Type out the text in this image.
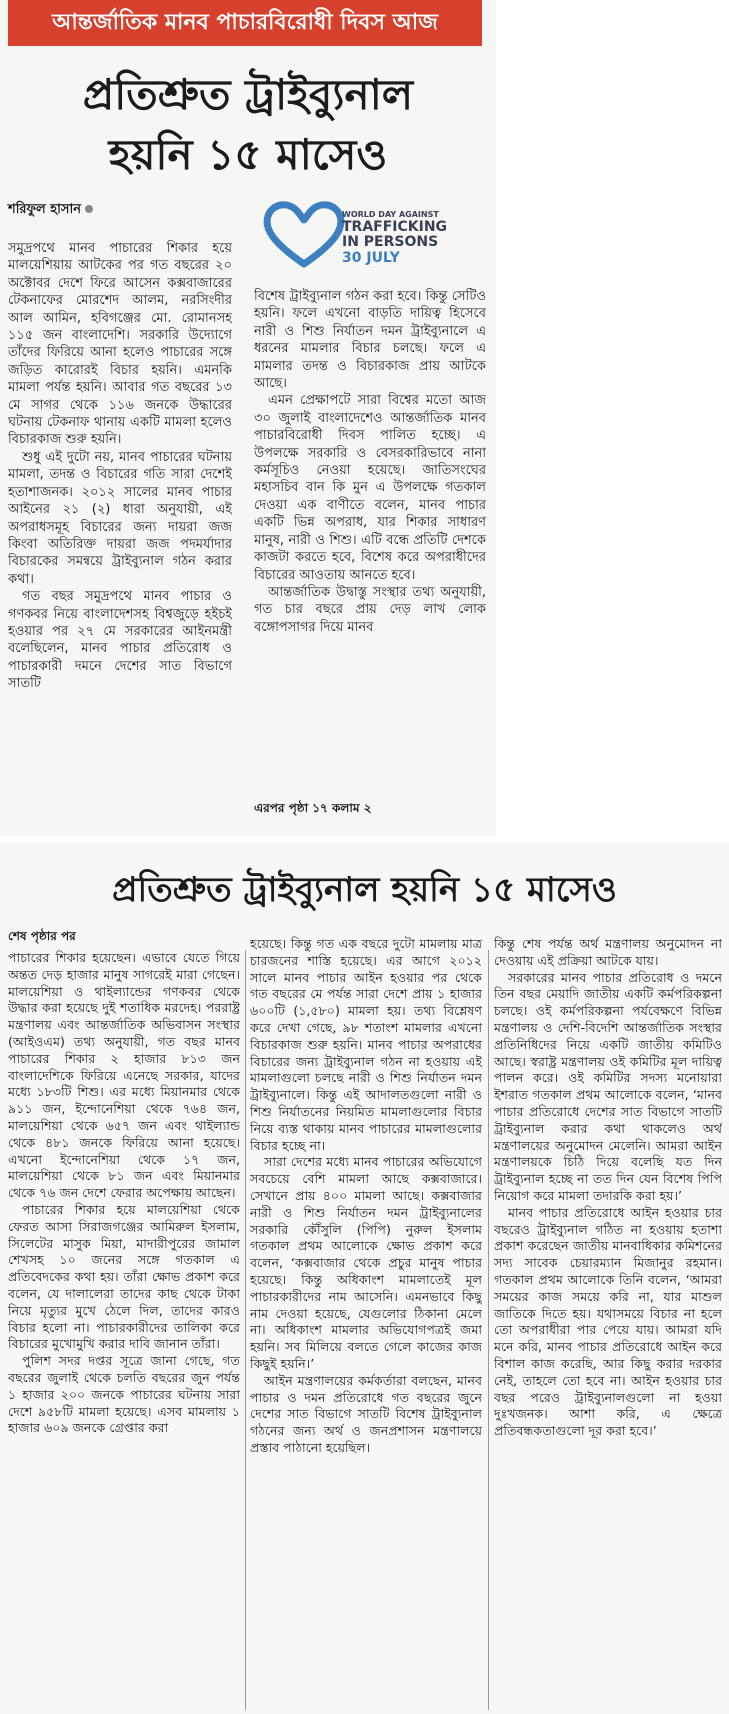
আন্তর্জাতিক মানব পাচারবিরোধী দিবস আজ
প্রতিশ্রুত ট্রাইব্যুনাল
হয়নি ১৫ মাসেও
শরিফুল হাসান	WORLD DAY AGAINST
TRAFFICKING
IN PERSONS
30 JULY

সমুদ্রপথে মানব পাচারের শিকার হয়ে মালয়েশিয়ায় আটকের পর গত বছরের ২০ অক্টোবর দেশে ফিরে আসেন কক্সবাজারের টেকনাফের মোরশেদ আলম, নরসিংদীর আল আমিন, হবিগঞ্জের মো. রোমানসহ ১১৫ জন বাংলাদেশি। সরকারি উদ্যোগে তাঁদের ফিরিয়ে আনা হলেও পাচারের সঙ্গে জড়িত কারোরই বিচার হয়নি। এমনকি মামলা পর্যন্ত হয়নি। আবার গত বছরের ১৩ মে সাগর থেকে ১১৬ জনকে উদ্ধারের ঘটনায় টেকনাফ থানায় একটি মামলা হলেও বিচারকাজ শুরু হয়নি।

শুধু এই দুটো নয়, মানব পাচারের ঘটনায় মামলা, তদন্ত ও বিচারের গতি সারা দেশেই হতাশাজনক। ২০১২ সালের মানব পাচার আইনের ২১ (২) ধারা অনুযায়ী, এই অপরাধসমূহ বিচারের জন্য দায়রা জজ কিংবা অতিরিক্ত দায়রা জজ পদমর্যাদার বিচারকের সমন্বয়ে ট্রাইব্যুনাল গঠন করার কথা।

গত বছর সমুদ্রপথে মানব পাচার ও গণকবর নিয়ে বাংলাদেশসহ বিশ্বজুড়ে হইচই হওয়ার পর ২৭ মে সরকারের আইনমন্ত্রী বলেছিলেন, মানব পাচার প্রতিরোধ ও পাচারকারী দমনে দেশের সাত বিভাগে সাতটি

বিশেষ ট্রাইব্যুনাল গঠন করা হবে। কিন্তু সেটিও হয়নি। ফলে এখনো বাড়তি দায়িত্ব হিসেবে নারী ও শিশু নির্যাতন দমন ট্রাইব্যুনালে এ ধরনের মামলার বিচার চলছে। ফলে এ মামলার তদন্ত ও বিচারকাজ প্রায় আটকে আছে।

এমন প্রেক্ষাপটে সারা বিশ্বের মতো আজ ৩০ জুলাই বাংলাদেশেও আন্তর্জাতিক মানব পাচারবিরোধী দিবস পালিত হচ্ছে। এ উপলক্ষে সরকারি ও বেসরকারিভাবে নানা কর্মসূচিও নেওয়া হয়েছে। জাতিসংঘের মহাসচিব বান কি মুন এ উপলক্ষে গতকাল দেওয়া এক বাণীতে বলেন, মানব পাচার একটি ভিন্ন অপরাধ, যার শিকার সাধারণ মানুষ, নারী ও শিশু। এটি বন্ধে প্রতিটি দেশকে কাজটা করতে হবে, বিশেষ করে অপরাধীদের বিচারের আওতায় আনতে হবে।

আন্তর্জাতিক উদ্বাস্তু সংস্থার তথ্য অনুযায়ী, গত চার বছরে প্রায় দেড় লাখ লোক বঙ্গোপসাগর দিয়ে মানব

এরপর পৃষ্ঠা ১৭ কলাম ২
প্রতিশ্রুত ট্রাইব্যুনাল হয়নি ১৫ মাসেও
শেষ পৃষ্ঠার পর

পাচারের শিকার হয়েছেন। এভাবে যেতে গিয়ে অন্তত দেড় হাজার মানুষ সাগরেই মারা গেছেন। মালয়েশিয়া ও থাইল্যান্ডের গণকবর থেকে উদ্ধার করা হয়েছে দুই শতাধিক মরদেহ। পররাষ্ট্র মন্ত্রণালয় এবং আন্তর্জাতিক অভিবাসন সংস্থার (আইওএম) তথ্য অনুযায়ী, গত বছর মানব পাচারের শিকার ২ হাজার ৮১৩ জন বাংলাদেশিকে ফিরিয়ে এনেছে সরকার, যাদের মধ্যে ১৮৩টি শিশু। এর মধ্যে মিয়ানমার থেকে ৯১১ জন, ইন্দোনেশিয়া থেকে ৭৬৪ জন, মালয়েশিয়া থেকে ৬৫৭ জন এবং থাইল্যান্ড থেকে ৪৮১ জনকে ফিরিয়ে আনা হয়েছে। এখনো ইন্দোনেশিয়া থেকে ১৭ জন, মালয়েশিয়া থেকে ৮১ জন এবং মিয়ানমার থেকে ৭৬ জন দেশে ফেরার অপেক্ষায় আছেন।

পাচারের শিকার হয়ে মালয়েশিয়া থেকে ফেরত আসা সিরাজগঞ্জের আমিরুল ইসলাম, সিলেটের মাসুক মিয়া, মাদারীপুরের জামাল শেখসহ ১০ জনের সঙ্গে গতকাল এ প্রতিবেদকের কথা হয়। তাঁরা ক্ষোভ প্রকাশ করে বলেন, যে দালালেরা তাদের কাছ থেকে টাকা নিয়ে মৃত্যুর মুখে ঠেলে দিল, তাদের কারও বিচার হলো না। পাচারকারীদের তালিকা করে বিচারের মুখোমুখি করার দাবি জানান তাঁরা।

পুলিশ সদর দপ্তর সূত্রে জানা গেছে, গত বছরের জুলাই থেকে চলতি বছরের জুন পর্যন্ত ১ হাজার ২০০ জনকে পাচারের ঘটনায় সারা দেশে ৯৫৮টি মামলা হয়েছে। এসব মামলায় ১ হাজার ৬০৯ জনকে গ্রেপ্তার করা

হয়েছে। কিন্তু গত এক বছরে দুটো মামলায় মাত্র চারজনের শাস্তি হয়েছে। এর আগে ২০১২ সালে মানব পাচার আইন হওয়ার পর থেকে গত বছরের মে পর্যন্ত সারা দেশে প্রায় ১ হাজার ৬০০টি (১,৫৮০) মামলা হয়। তথ্য বিশ্লেষণ করে দেখা গেছে, ৯৮ শতাংশ মামলার এখনো বিচারকাজ শুরু হয়নি। মানব পাচার অপরাধের বিচারের জন্য ট্রাইব্যুনাল গঠন না হওয়ায় এই মামলাগুলো চলছে নারী ও শিশু নির্যাতন দমন ট্রাইব্যুনালে। কিন্তু এই আদালতগুলো নারী ও শিশু নির্যাতনের নিয়মিত মামলাগুলোর বিচার নিয়ে ব্যস্ত থাকায় মানব পাচারের মামলাগুলোর বিচার হচ্ছে না।

সারা দেশের মধ্যে মানব পাচারের অভিযোগে সবচেয়ে বেশি মামলা আছে কক্সবাজারে। সেখানে প্রায় ৪০০ মামলা আছে। কক্সবাজার নারী ও শিশু নির্যাতন দমন ট্রাইব্যুনালের সরকারি কৌঁসুলি (পিপি) নুরুল ইসলাম গতকাল প্রথম আলোকে ক্ষোভ প্রকাশ করে বলেন, ‘কক্সবাজার থেকে প্রচুর মানুষ পাচার হয়েছে। কিন্তু অধিকাংশ মামলাতেই মূল পাচারকারীদের নাম আসেনি। এমনভাবে কিছু নাম দেওয়া হয়েছে, যেগুলোর ঠিকানা মেলে না। অধিকাংশ মামলার অভিযোগপত্রই জমা হয়নি। সব মিলিয়ে বলতে গেলে কাজের কাজ কিছুই হয়নি।’

আইন মন্ত্রণালয়ের কর্মকর্তারা বলছেন, মানব পাচার ও দমন প্রতিরোধে গত বছরের জুনে দেশের সাত বিভাগে সাতটি বিশেষ ট্রাইব্যুনাল গঠনের জন্য অর্থ ও জনপ্রশাসন মন্ত্রণালয়ে প্রস্তাব পাঠানো হয়েছিল।

কিন্তু শেষ পর্যন্ত অর্থ মন্ত্রণালয় অনুমোদন না দেওয়ায় এই প্রক্রিয়া আটকে যায়।

সরকারের মানব পাচার প্রতিরোধ ও দমনে তিন বছর মেয়াদি জাতীয় একটি কর্মপরিকল্পনা চলছে। ওই কর্মপরিকল্পনা পর্যবেক্ষণে বিভিন্ন মন্ত্রণালয় ও দেশি-বিদেশি আন্তর্জাতিক সংস্থার প্রতিনিধিদের নিয়ে একটি জাতীয় কমিটিও আছে। স্বরাষ্ট্র মন্ত্রণালয় ওই কমিটির মূল দায়িত্ব পালন করে। ওই কমিটির সদস্য মনোয়ারা ইশরাত গতকাল প্রথম আলোকে বলেন, ‘মানব পাচার প্রতিরোধে দেশের সাত বিভাগে সাতটি ট্রাইব্যুনাল করার কথা থাকলেও অর্থ মন্ত্রণালয়ের অনুমোদন মেলেনি। আমরা আইন মন্ত্রণালয়কে চিঠি দিয়ে বলেছি যত দিন ট্রাইব্যুনাল হচ্ছে না তত দিন যেন বিশেষ পিপি নিয়োগ করে মামলা তদারকি করা হয়।’

মানব পাচার প্রতিরোধে আইন হওয়ার চার বছরেও ট্রাইব্যুনাল গঠিত না হওয়ায় হতাশা প্রকাশ করেছেন জাতীয় মানবাধিকার কমিশনের সদ্য সাবেক চেয়ারম্যান মিজানুর রহমান। গতকাল প্রথম আলোকে তিনি বলেন, ‘আমরা সময়ের কাজ সময়ে করি না, যার মাশুল জাতিকে দিতে হয়। যথাসময়ে বিচার না হলে তো অপরাধীরা পার পেয়ে যায়। আমরা যদি মনে করি, মানব পাচার প্রতিরোধে আইন করে বিশাল কাজ করেছি, আর কিছু করার দরকার নেই, তাহলে তো হবে না। আইন হওয়ার চার বছর পরেও ট্রাইব্যুনালগুলো না হওয়া দুঃখজনক। আশা করি, এ ক্ষেত্রে প্রতিবন্ধকতাগুলো দূর করা হবে।’
